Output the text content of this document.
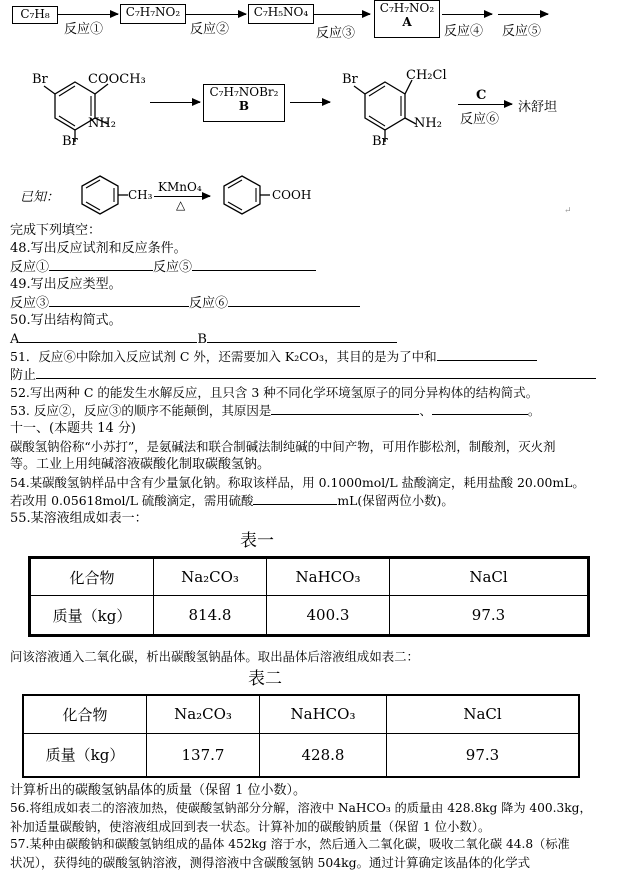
C₇H₈
反应①
C₇H₇NO₂
反应②
C₇H₅NO₄
反应③
C₇H₇NO₂
A
反应④ 反应⑤
Br	COOCH₃
NH₂
Br
C₇H₇NOBr₂
B
Br	CH₂Cl
NH₂
Br
C
反应⑥
沐舒坦
已知：	CH₃
KMnO₄
△
COOH
↵
完成下列填空：
48.写出反应试剂和反应条件。
反应①	反应⑤
49.写出反应类型。
反应③	反应⑥
50.写出结构简式。
A	B
51．反应⑥中除加入反应试剂 C 外，还需要加入 K₂CO₃，其目的是为了中和
防止
52.写出两种 C 的能发生水解反应，且只含 3 种不同化学环境氢原子的同分异构体的结构简式。
53. 反应②，反应③的顺序不能颠倒，其原因是	、	。
十一、(本题共 14 分)
碳酸氢钠俗称“小苏打”，是氨碱法和联合制碱法制纯碱的中间产物，可用作膨松剂，制酸剂，灭火剂
等。工业上用纯碱溶液碳酸化制取碳酸氢钠。
54.某碳酸氢钠样品中含有少量氯化钠。称取该样品，用 0.1000mol/L 盐酸滴定，耗用盐酸 20.00mL。
若改用 0.05618mol/L 硫酸滴定，需用硫酸	mL(保留两位小数)。
55.某溶液组成如表一：
表一
化合物	Na₂CO₃	NaHCO₃	NaCl
质量（kg）	814.8	400.3	97.3
问该溶液通入二氧化碳，析出碳酸氢钠晶体。取出晶体后溶液组成如表二：
表二
化合物	Na₂CO₃	NaHCO₃	NaCl
质量（kg）	137.7	428.8	97.3
计算析出的碳酸氢钠晶体的质量（保留 1 位小数）。
56.将组成如表二的溶液加热，使碳酸氢钠部分分解，溶液中 NaHCO₃ 的质量由 428.8kg 降为 400.3kg，
补加适量碳酸钠，使溶液组成回到表一状态。计算补加的碳酸钠质量（保留 1 位小数）。
57.某种由碳酸钠和碳酸氢钠组成的晶体 452kg 溶于水，然后通入二氧化碳，吸收二氧化碳 44.8（标准
状况），获得纯的碳酸氢钠溶液，测得溶液中含碳酸氢钠 504kg。通过计算确定该晶体的化学式
